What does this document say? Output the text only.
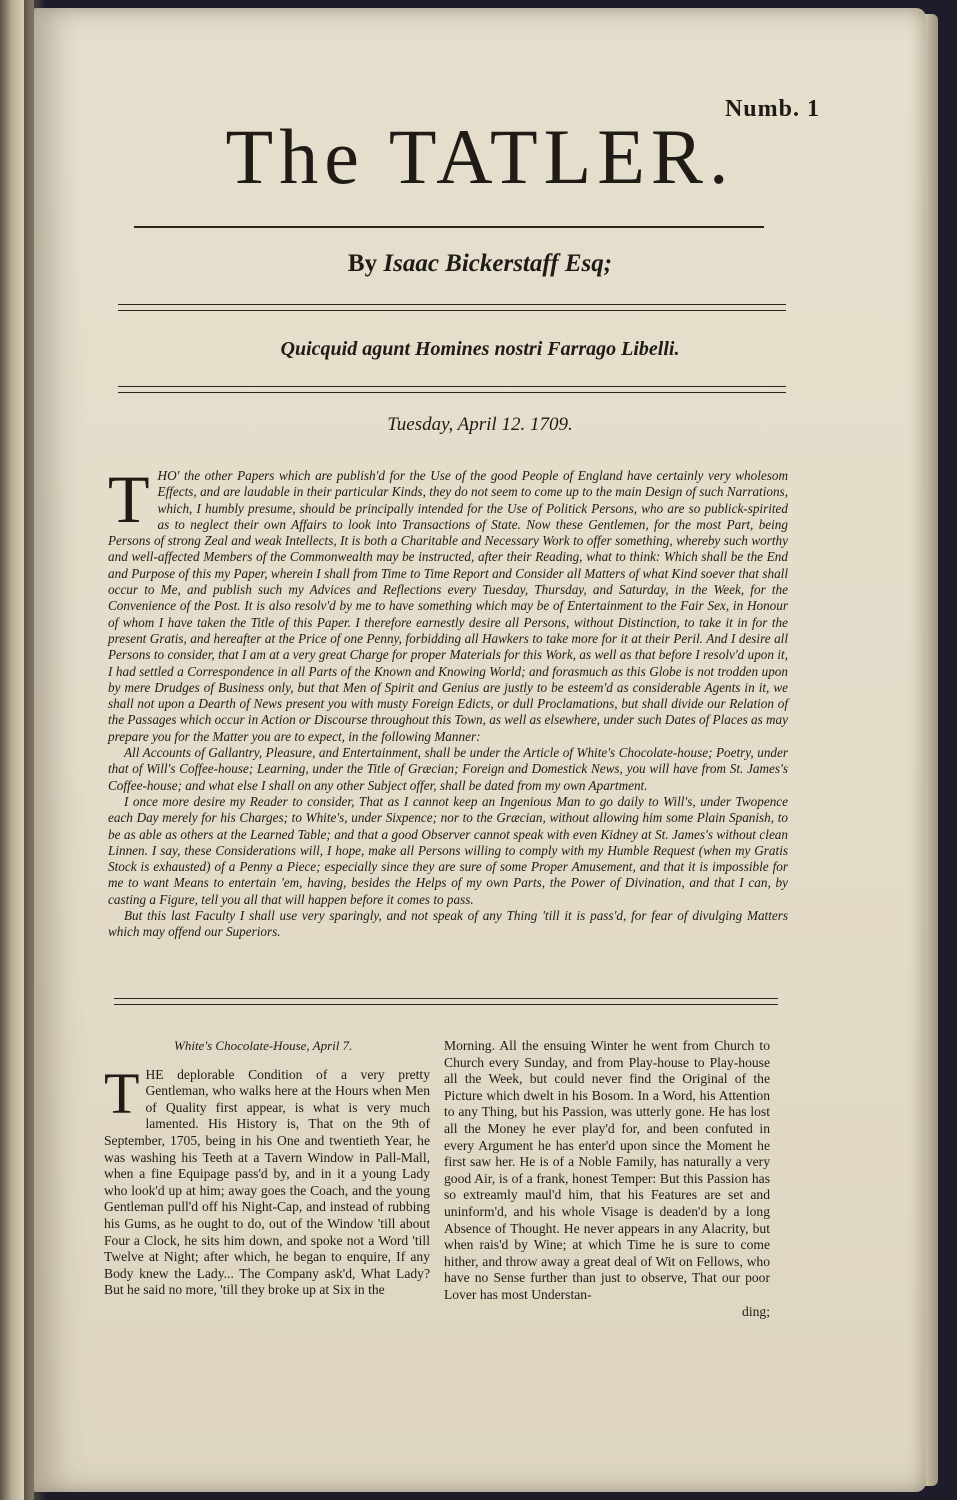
Numb. 1
The TATLER.
By Isaac Bickerstaff Esq;
Quicquid agunt Homines nostri Farrago Libelli.
Tuesday, April 12. 1709.

THO' the other Papers which are publish'd for the Use of the good People of England have certainly very wholesom Effects, and are laudable in their particular Kinds, they do not seem to come up to the main Design of such Narrations, which, I humbly presume, should be principally intended for the Use of Politick Persons, who are so publick-spirited as to neglect their own Affairs to look into Transactions of State. Now these Gentlemen, for the most Part, being Persons of strong Zeal and weak Intellects, It is both a Charitable and Necessary Work to offer something, whereby such worthy and well-affected Members of the Commonwealth may be instructed, after their Reading, what to think: Which shall be the End and Purpose of this my Paper, wherein I shall from Time to Time Report and Consider all Matters of what Kind soever that shall occur to Me, and publish such my Advices and Reflections every Tuesday, Thursday, and Saturday, in the Week, for the Convenience of the Post. It is also resolv'd by me to have something which may be of Entertainment to the Fair Sex, in Honour of whom I have taken the Title of this Paper. I therefore earnestly desire all Persons, without Distinction, to take it in for the present Gratis, and hereafter at the Price of one Penny, forbidding all Hawkers to take more for it at their Peril. And I desire all Persons to consider, that I am at a very great Charge for proper Materials for this Work, as well as that before I resolv'd upon it, I had settled a Correspondence in all Parts of the Known and Knowing World; and forasmuch as this Globe is not trodden upon by mere Drudges of Business only, but that Men of Spirit and Genius are justly to be esteem'd as considerable Agents in it, we shall not upon a Dearth of News present you with musty Foreign Edicts, or dull Proclamations, but shall divide our Relation of the Passages which occur in Action or Discourse throughout this Town, as well as elsewhere, under such Dates of Places as may prepare you for the Matter you are to expect, in the following Manner:

All Accounts of Gallantry, Pleasure, and Entertainment, shall be under the Article of White's Chocolate-house; Poetry, under that of Will's Coffee-house; Learning, under the Title of Græcian; Foreign and Domestick News, you will have from St. James's Coffee-house; and what else I shall on any other Subject offer, shall be dated from my own Apartment.

I once more desire my Reader to consider, That as I cannot keep an Ingenious Man to go daily to Will's, under Twopence each Day merely for his Charges; to White's, under Sixpence; nor to the Græcian, without allowing him some Plain Spanish, to be as able as others at the Learned Table; and that a good Observer cannot speak with even Kidney at St. James's without clean Linnen. I say, these Considerations will, I hope, make all Persons willing to comply with my Humble Request (when my Gratis Stock is exhausted) of a Penny a Piece; especially since they are sure of some Proper Amusement, and that it is impossible for me to want Means to entertain 'em, having, besides the Helps of my own Parts, the Power of Divination, and that I can, by casting a Figure, tell you all that will happen before it comes to pass.

But this last Faculty I shall use very sparingly, and not speak of any Thing 'till it is pass'd, for fear of divulging Matters which may offend our Superiors.

White's Chocolate-House, April 7.

THE deplorable Condition of a very pretty Gentleman, who walks here at the Hours when Men of Quality first appear, is what is very much lamented. His History is, That on the 9th of September, 1705, being in his One and twentieth Year, he was washing his Teeth at a Tavern Window in Pall-Mall, when a fine Equipage pass'd by, and in it a young Lady who look'd up at him; away goes the Coach, and the young Gentleman pull'd off his Night-Cap, and instead of rubbing his Gums, as he ought to do, out of the Window 'till about Four a Clock, he sits him down, and spoke not a Word 'till Twelve at Night; after which, he began to enquire, If any Body knew the Lady... The Company ask'd, What Lady? But he said no more, 'till they broke up at Six in the

Morning. All the ensuing Winter he went from Church to Church every Sunday, and from Play-house to Play-house all the Week, but could never find the Original of the Picture which dwelt in his Bosom. In a Word, his Attention to any Thing, but his Passion, was utterly gone. He has lost all the Money he ever play'd for, and been confuted in every Argument he has enter'd upon since the Moment he first saw her. He is of a Noble Family, has naturally a very good Air, is of a frank, honest Temper: But this Passion has so extreamly maul'd him, that his Features are set and uninform'd, and his whole Visage is deaden'd by a long Absence of Thought. He never appears in any Alacrity, but when rais'd by Wine; at which Time he is sure to come hither, and throw away a great deal of Wit on Fellows, who have no Sense further than just to observe, That our poor Lover has most Understan-

ding;
